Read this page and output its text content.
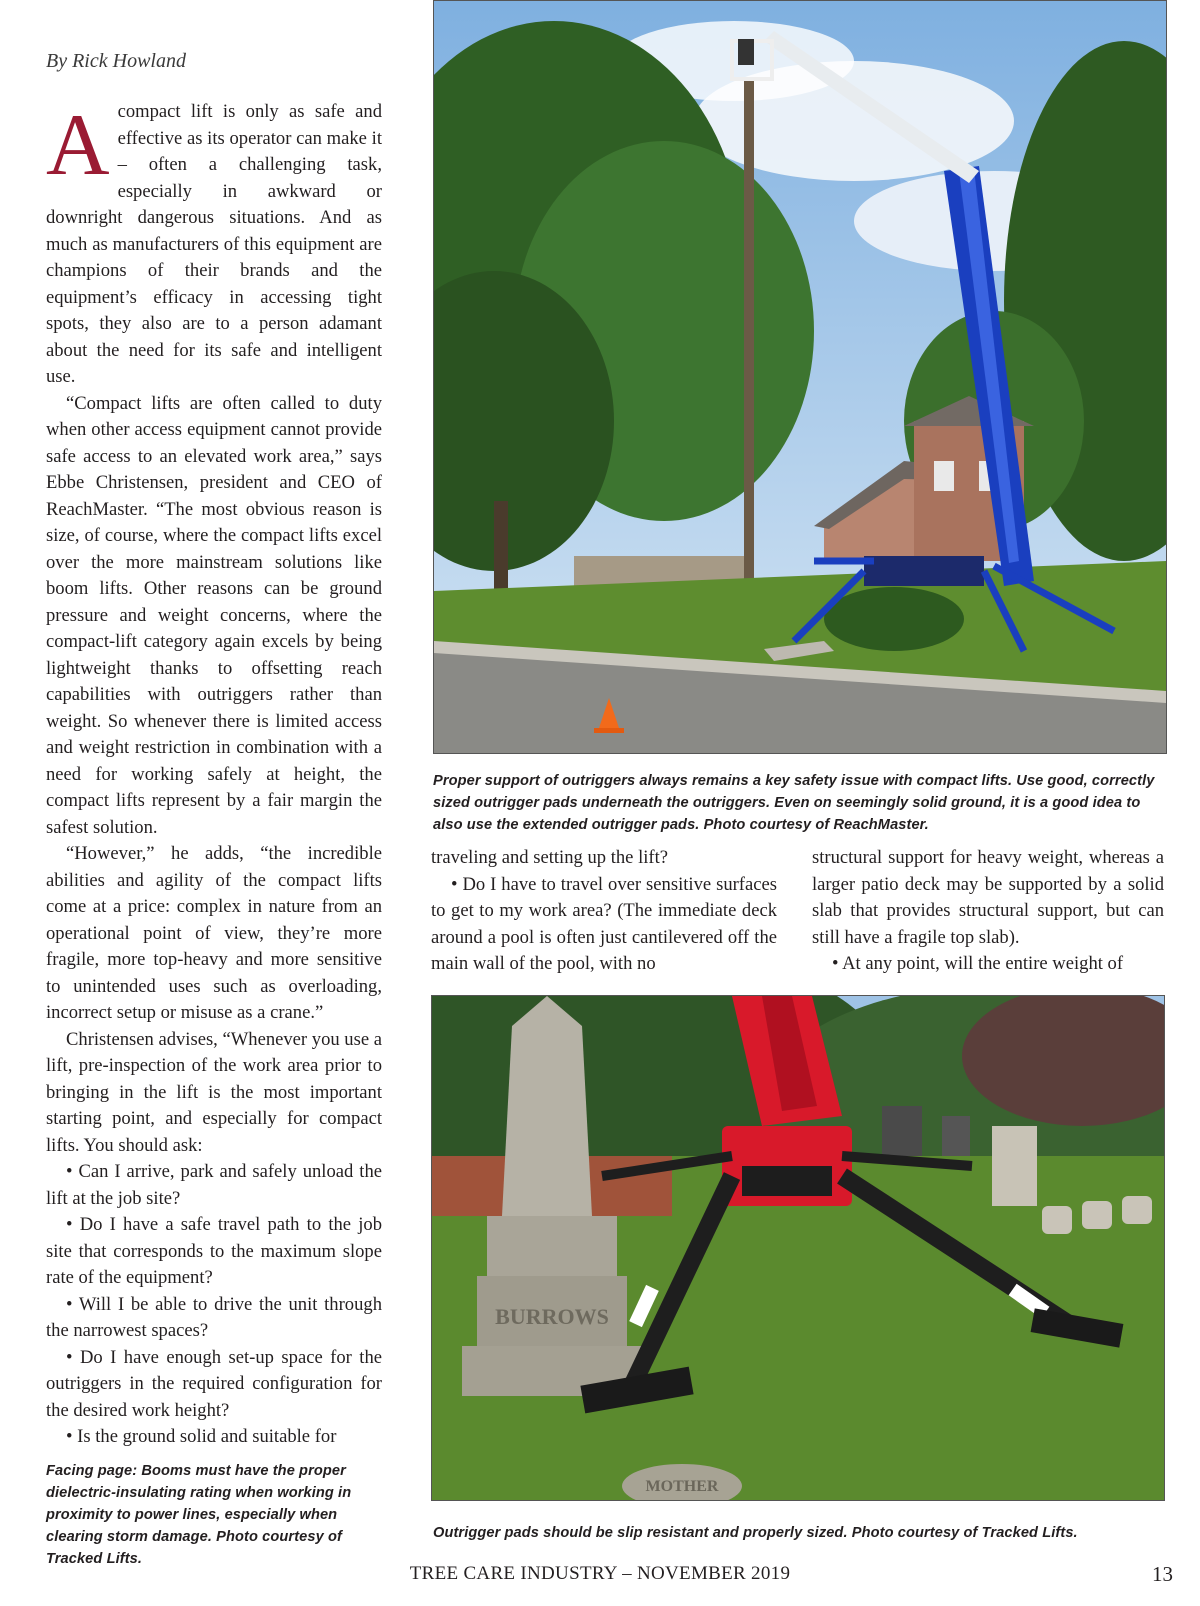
By Rick Howland

A compact lift is only as safe and effective as its operator can make it – often a challenging task, especially in awkward or downright dangerous situations. And as much as manufacturers of this equipment are champions of their brands and the equipment’s efficacy in accessing tight spots, they also are to a person adamant about the need for its safe and intelligent use.

“Compact lifts are often called to duty when other access equipment cannot provide safe access to an elevated work area,” says Ebbe Christensen, president and CEO of ReachMaster. “The most obvious reason is size, of course, where the compact lifts excel over the more mainstream solutions like boom lifts. Other reasons can be ground pressure and weight concerns, where the compact-lift category again excels by being lightweight thanks to offsetting reach capabilities with outriggers rather than weight. So whenever there is limited access and weight restriction in combination with a need for working safely at height, the compact lifts represent by a fair margin the safest solution.

“However,” he adds, “the incredible abilities and agility of the compact lifts come at a price: complex in nature from an operational point of view, they’re more fragile, more top-heavy and more sensitive to unintended uses such as overloading, incorrect setup or misuse as a crane.”

Christensen advises, “Whenever you use a lift, pre-inspection of the work area prior to bringing in the lift is the most important starting point, and especially for compact lifts. You should ask:

• Can I arrive, park and safely unload the lift at the job site?

• Do I have a safe travel path to the job site that corresponds to the maximum slope rate of the equipment?

• Will I be able to drive the unit through the narrowest spaces?

• Do I have enough set-up space for the outriggers in the required configuration for the desired work height?

• Is the ground solid and suitable for

Facing page: Booms must have the proper dielectric-insulating rating when working in proximity to power lines, especially when clearing storm damage. Photo courtesy of Tracked Lifts.
Proper support of outriggers always remains a key safety issue with compact lifts. Use good, correctly sized outrigger pads underneath the outriggers. Even on seemingly solid ground, it is a good idea to also use the extended outrigger pads. Photo courtesy of ReachMaster.

traveling and setting up the lift?

• Do I have to travel over sensitive surfaces to get to my work area? (The immediate deck around a pool is often just cantilevered off the main wall of the pool, with no

structural support for heavy weight, whereas a larger patio deck may be supported by a solid slab that provides structural support, but can still have a fragile top slab).

• At any point, will the entire weight of

BURROWS
MOTHER
Outrigger pads should be slip resistant and properly sized. Photo courtesy of Tracked Lifts.
TREE CARE INDUSTRY – NOVEMBER 2019	13
